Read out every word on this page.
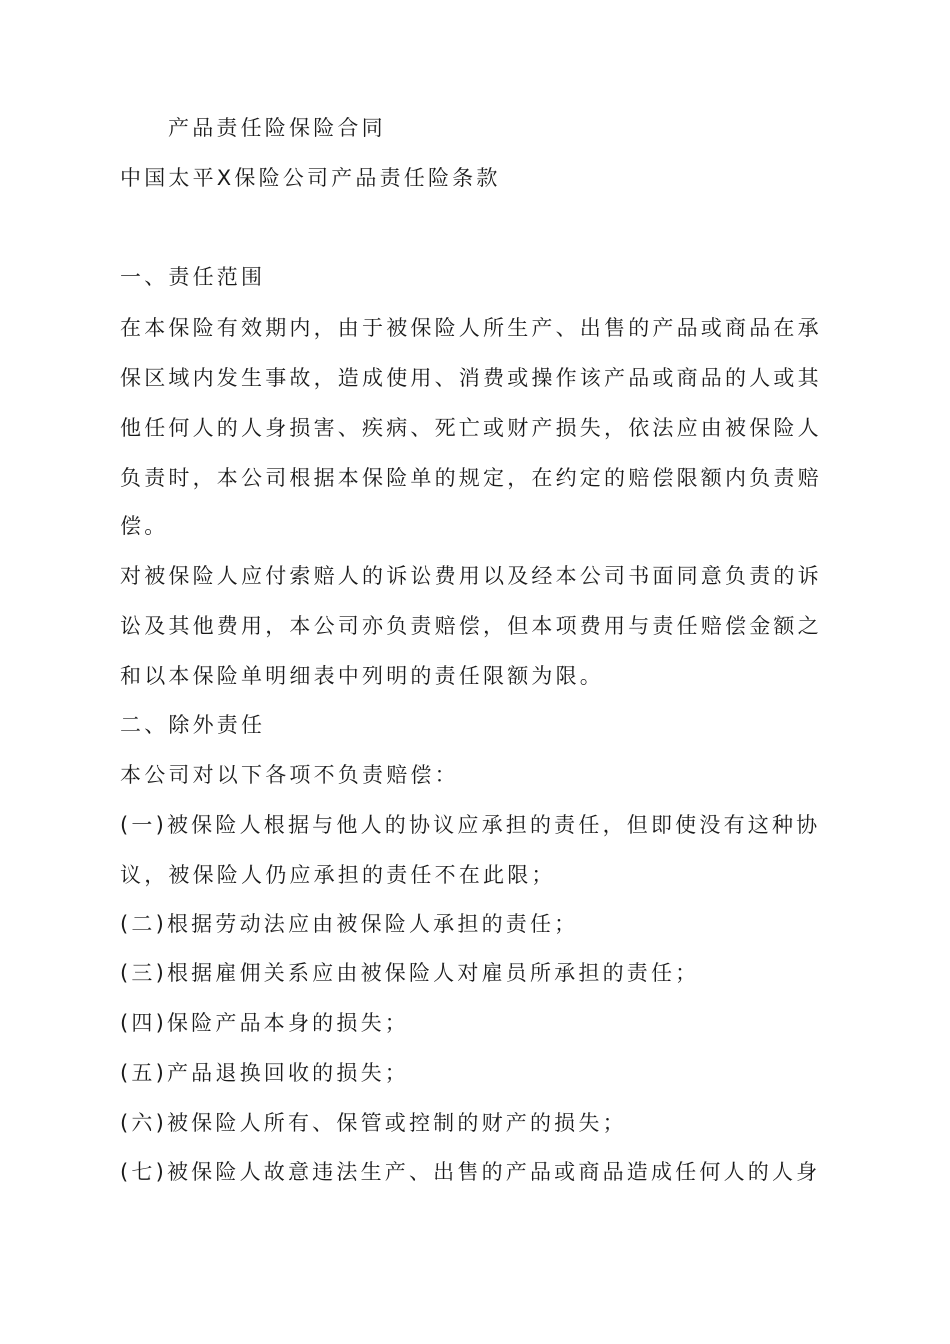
产品责任险保险合同
中国太平X保险公司产品责任险条款
一、责任范围
在本保险有效期内，由于被保险人所生产、出售的产品或商品在承
保区域内发生事故，造成使用、消费或操作该产品或商品的人或其
他任何人的人身损害、疾病、死亡或财产损失，依法应由被保险人
负责时，本公司根据本保险单的规定，在约定的赔偿限额内负责赔
偿。
对被保险人应付索赔人的诉讼费用以及经本公司书面同意负责的诉
讼及其他费用，本公司亦负责赔偿，但本项费用与责任赔偿金额之
和以本保险单明细表中列明的责任限额为限。
二、除外责任
本公司对以下各项不负责赔偿：
(一)被保险人根据与他人的协议应承担的责任，但即使没有这种协
议，被保险人仍应承担的责任不在此限；
(二)根据劳动法应由被保险人承担的责任；
(三)根据雇佣关系应由被保险人对雇员所承担的责任；
(四)保险产品本身的损失；
(五)产品退换回收的损失；
(六)被保险人所有、保管或控制的财产的损失；
(七)被保险人故意违法生产、出售的产品或商品造成任何人的人身
